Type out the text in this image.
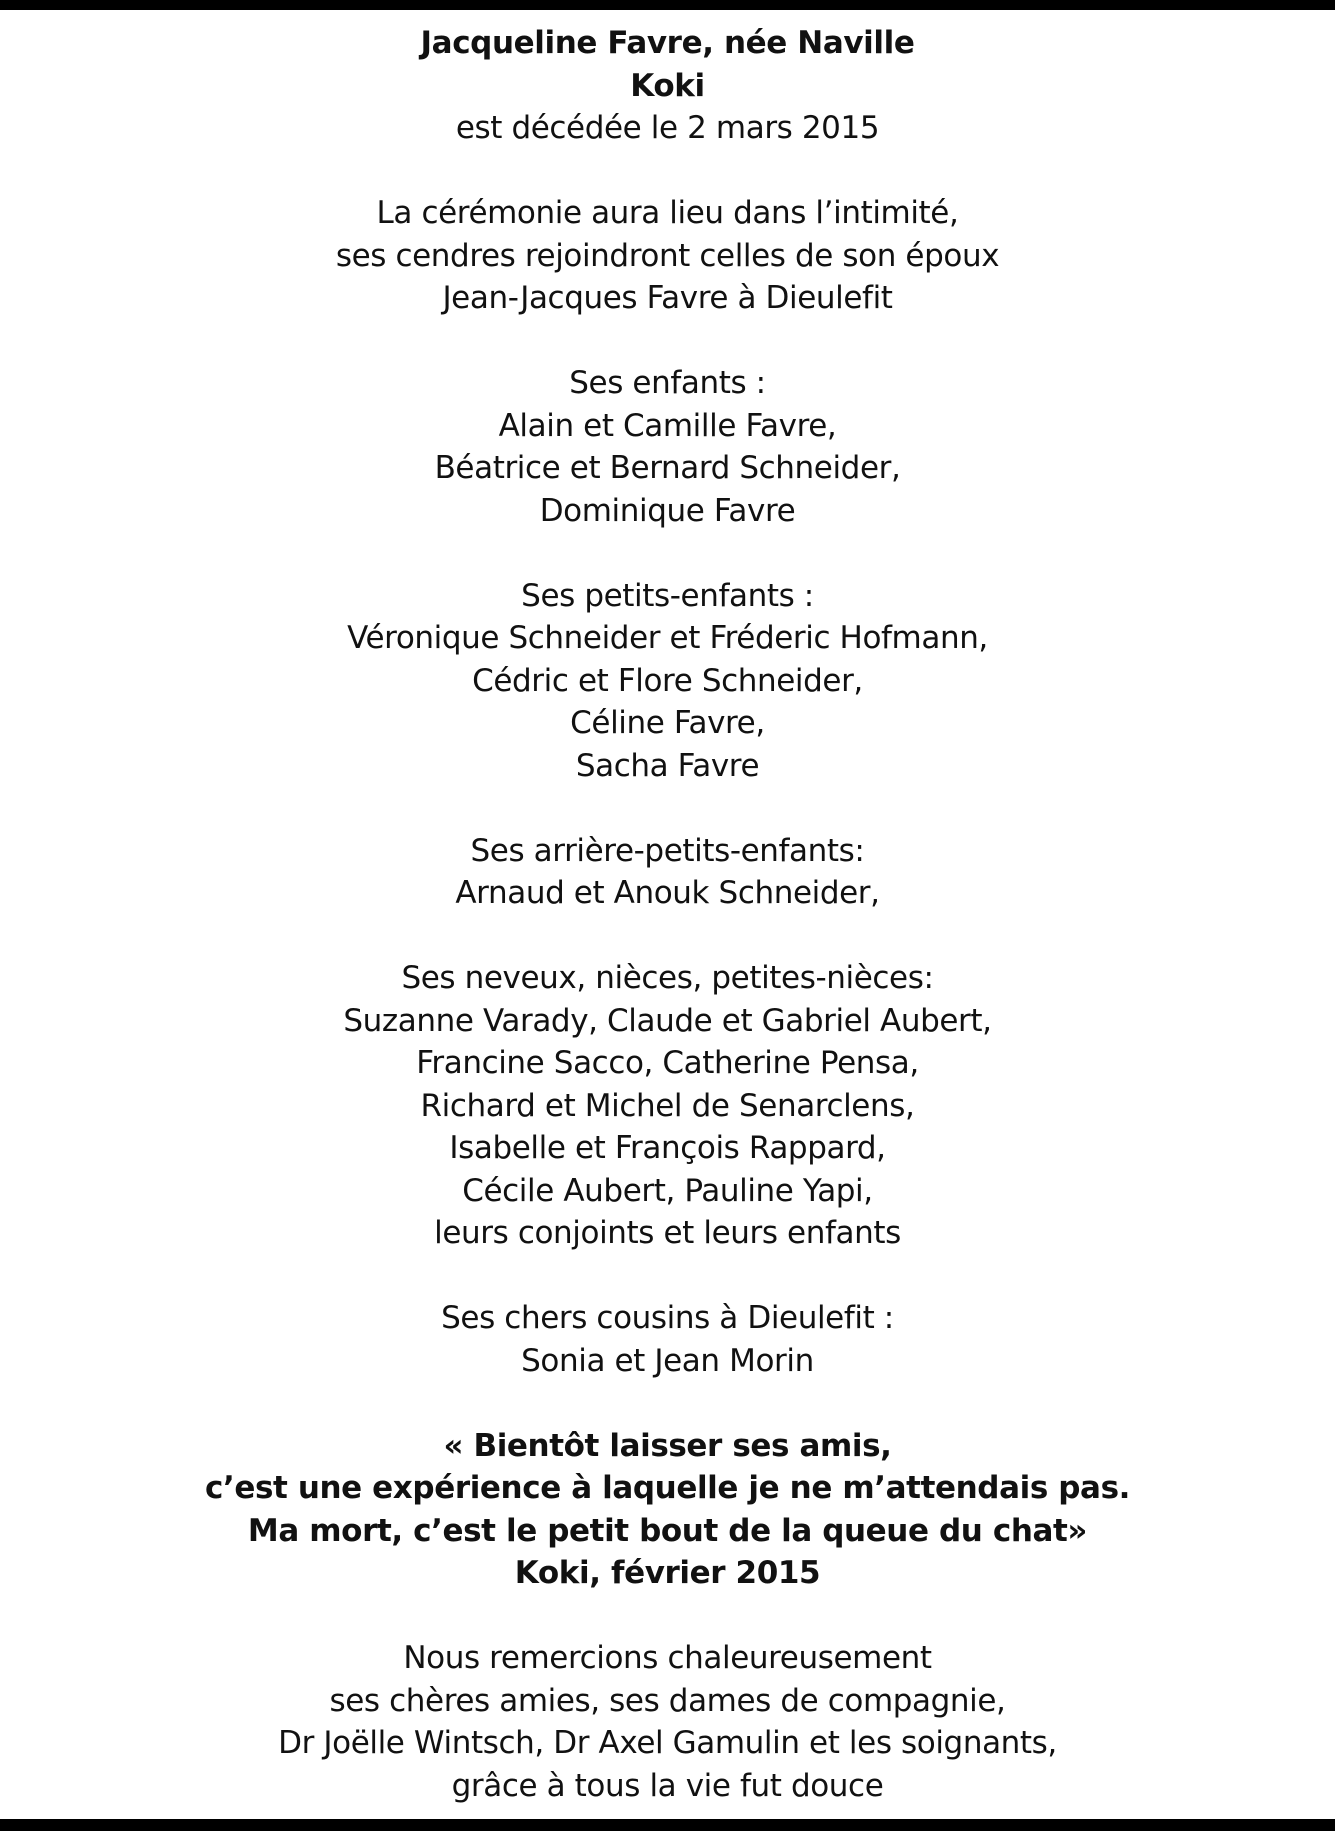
Jacqueline Favre, née Naville
Koki
est décédée le 2 mars 2015
La cérémonie aura lieu dans l’intimité,
ses cendres rejoindront celles de son époux
Jean-Jacques Favre à Dieulefit
Ses enfants :
Alain et Camille Favre,
Béatrice et Bernard Schneider,
Dominique Favre
Ses petits-enfants :
Véronique Schneider et Fréderic Hofmann,
Cédric et Flore Schneider,
Céline Favre,
Sacha Favre
Ses arrière-petits-enfants:
Arnaud et Anouk Schneider,
Ses neveux, nièces, petites-nièces:
Suzanne Varady, Claude et Gabriel Aubert,
Francine Sacco, Catherine Pensa,
Richard et Michel de Senarclens,
Isabelle et François Rappard,
Cécile Aubert, Pauline Yapi,
leurs conjoints et leurs enfants
Ses chers cousins à Dieulefit :
Sonia et Jean Morin
« Bientôt laisser ses amis,
c’est une expérience à laquelle je ne m’attendais pas.
Ma mort, c’est le petit bout de la queue du chat»
Koki, février 2015
Nous remercions chaleureusement
ses chères amies, ses dames de compagnie,
Dr Joëlle Wintsch, Dr Axel Gamulin et les soignants,
grâce à tous la vie fut douce
